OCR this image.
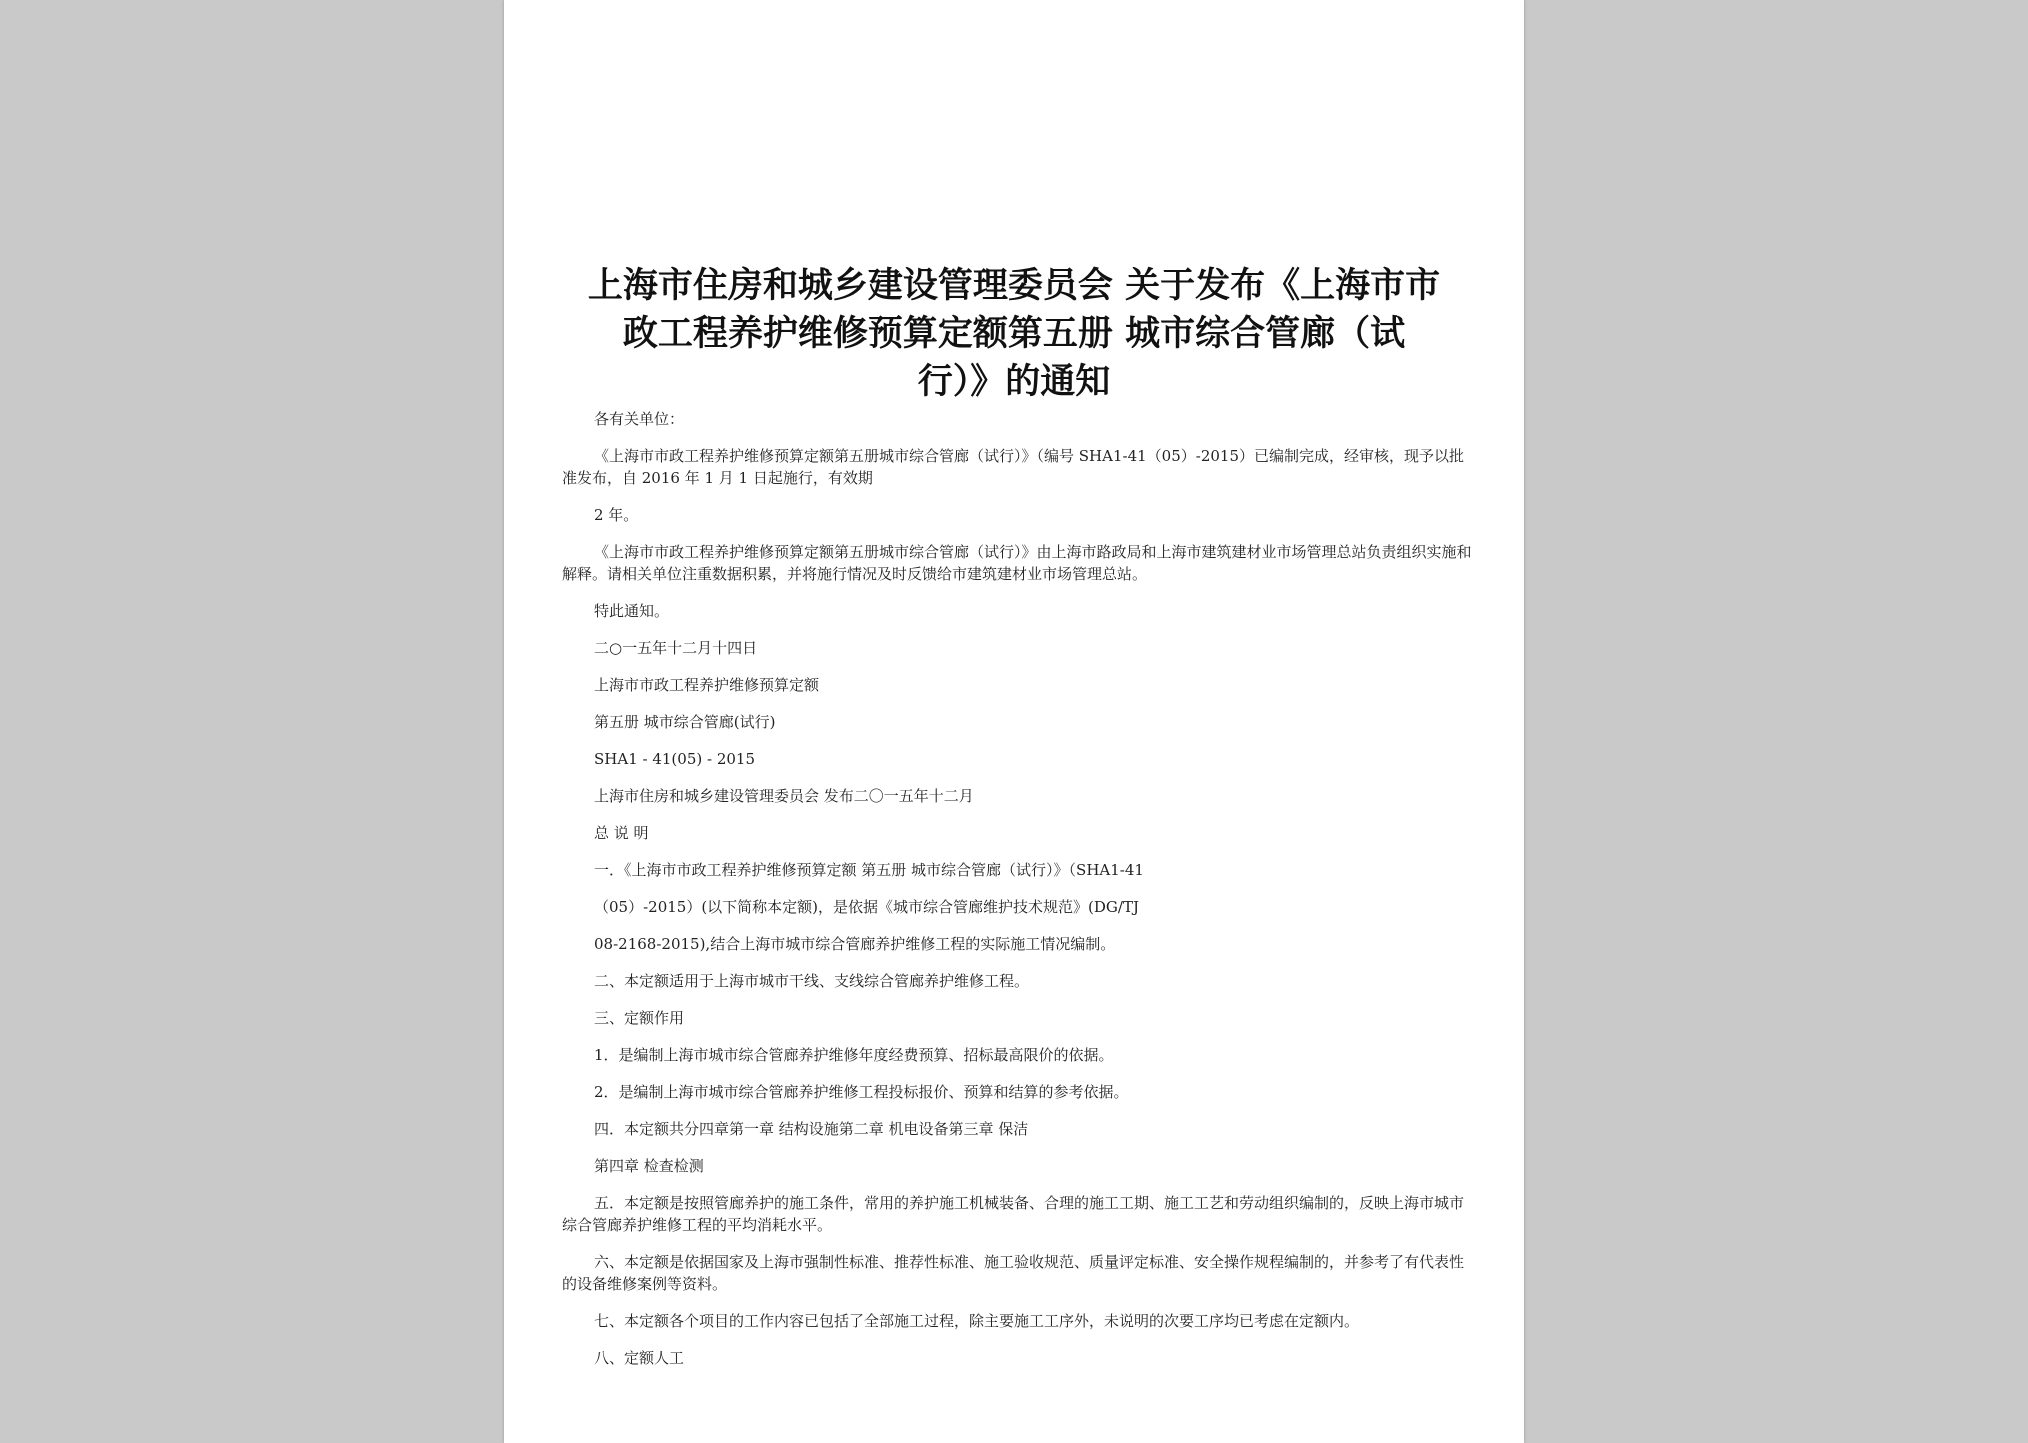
上海市住房和城乡建设管理委员会 关于发布《上海市市
政工程养护维修预算定额第五册 城市综合管廊（试
行）》的通知

各有关单位：

《上海市市政工程养护维修预算定额第五册城市综合管廊（试行）》（编号 SHA1-41（05）-2015）已编制完成，经审核，现予以批准发布，自 2016 年 1 月 1 日起施行，有效期

2 年。

《上海市市政工程养护维修预算定额第五册城市综合管廊（试行）》由上海市路政局和上海市建筑建材业市场管理总站负责组织实施和解释。请相关单位注重数据积累，并将施行情况及时反馈给市建筑建材业市场管理总站。

特此通知。

二○一五年十二月十四日

上海市市政工程养护维修预算定额

第五册 城市综合管廊(试行)

SHA1 - 41(05) - 2015

上海市住房和城乡建设管理委员会 发布二〇一五年十二月

总 说 明

一．《上海市市政工程养护维修预算定额 第五册 城市综合管廊（试行）》（SHA1-41

（05）-2015）(以下简称本定额)，是依据《城市综合管廊维护技术规范》(DG/TJ

08-2168-2015),结合上海市城市综合管廊养护维修工程的实际施工情况编制。

二、本定额适用于上海市城市干线、支线综合管廊养护维修工程。

三、定额作用

1．是编制上海市城市综合管廊养护维修年度经费预算、招标最高限价的依据。

2．是编制上海市城市综合管廊养护维修工程投标报价、预算和结算的参考依据。

四．本定额共分四章第一章 结构设施第二章 机电设备第三章 保洁

第四章 检查检测

五．本定额是按照管廊养护的施工条件，常用的养护施工机械装备、合理的施工工期、施工工艺和劳动组织编制的，反映上海市城市综合管廊养护维修工程的平均消耗水平。

六、本定额是依据国家及上海市强制性标准、推荐性标准、施工验收规范、质量评定标准、安全操作规程编制的，并参考了有代表性的设备维修案例等资料。

七、本定额各个项目的工作内容已包括了全部施工过程，除主要施工工序外，未说明的次要工序均已考虑在定额内。

八、定额人工
